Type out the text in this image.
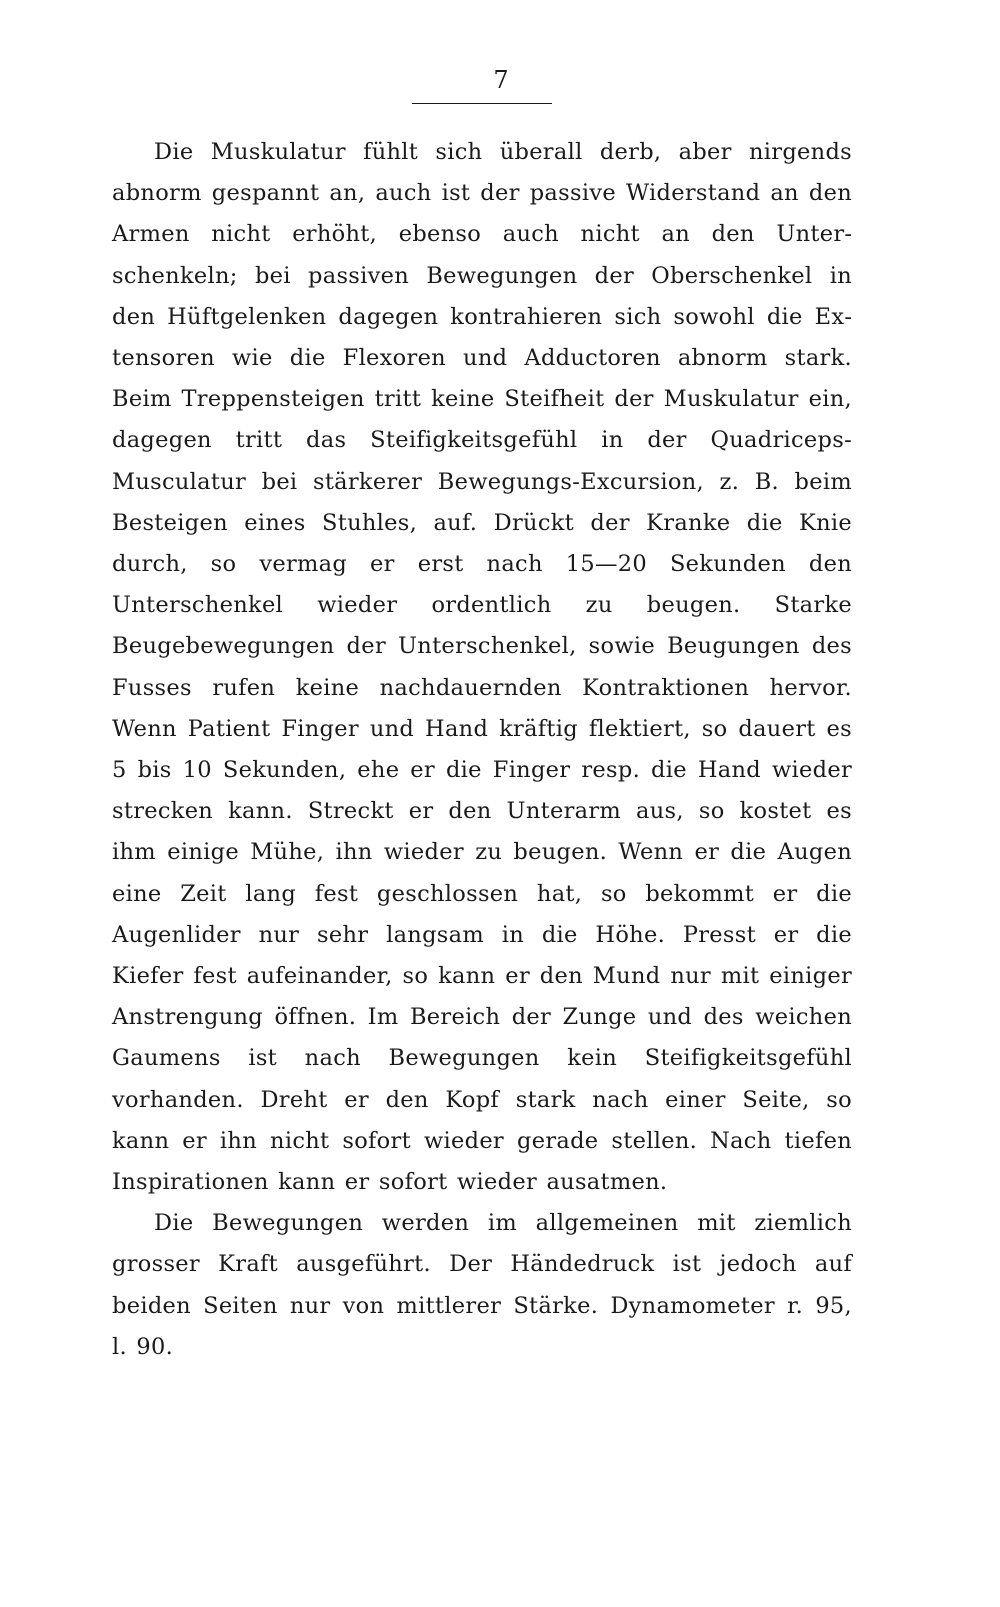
7

Die Muskulatur fühlt sich überall derb, aber nirgends abnorm gespannt an, auch ist der passive Widerstand an den Armen nicht erhöht, ebenso auch nicht an den Unterschenkeln; bei passiven Bewegungen der Oberschenkel in den Hüftgelenken dagegen kontrahieren sich sowohl die Extensoren wie die Flexoren und Adductoren abnorm stark. Beim Treppensteigen tritt keine Steifheit der Muskulatur ein, dagegen tritt das Steifigkeitsgefühl in der Quadriceps-Musculatur bei stärkerer Bewegungs-Excursion, z. B. beim Besteigen eines Stuhles, auf. Drückt der Kranke die Knie durch, so vermag er erst nach 15—20 Sekunden den Unterschenkel wieder ordentlich zu beugen. Starke Beugebewegungen der Unterschenkel, sowie Beugungen des Fusses rufen keine nachdauernden Kontraktionen hervor. Wenn Patient Finger und Hand kräftig flektiert, so dauert es 5 bis 10 Sekunden, ehe er die Finger resp. die Hand wieder strecken kann. Streckt er den Unterarm aus, so kostet es ihm einige Mühe, ihn wieder zu beugen. Wenn er die Augen eine Zeit lang fest geschlossen hat, so bekommt er die Augenlider nur sehr langsam in die Höhe. Presst er die Kiefer fest aufeinander, so kann er den Mund nur mit einiger Anstrengung öffnen. Im Bereich der Zunge und des weichen Gaumens ist nach Bewegungen kein Steifigkeitsgefühl vorhanden. Dreht er den Kopf stark nach einer Seite, so kann er ihn nicht sofort wieder gerade stellen. Nach tiefen Inspirationen kann er sofort wieder ausatmen.

Die Bewegungen werden im allgemeinen mit ziemlich grosser Kraft ausgeführt. Der Händedruck ist jedoch auf beiden Seiten nur von mittlerer Stärke. Dynamometer r. 95, l. 90.
